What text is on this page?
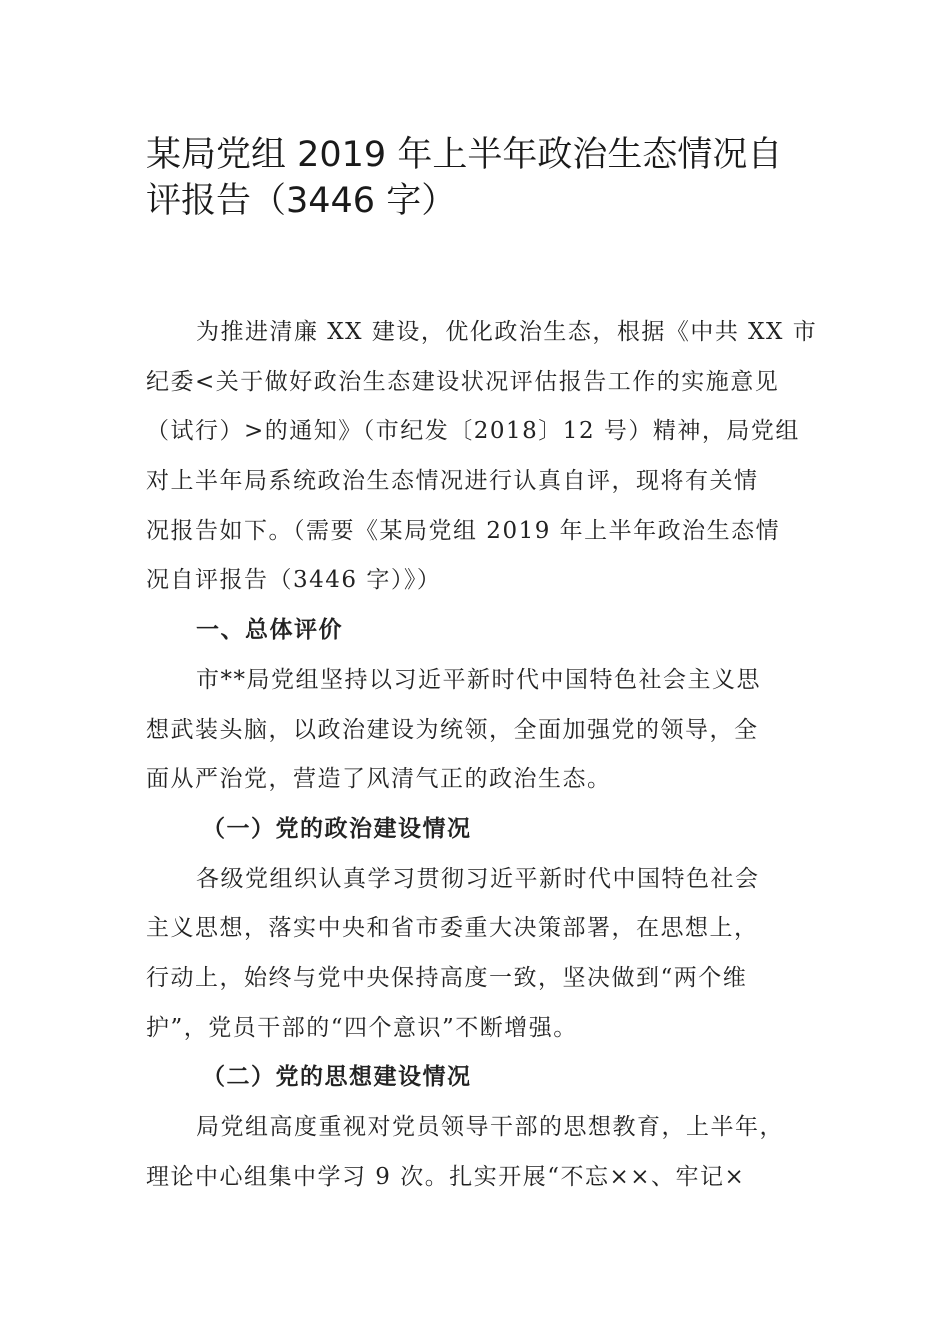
某局党组 2019 年上半年政治生态情况自
评报告（3446 字）
为推进清廉 XX 建设，优化政治生态，根据《中共 XX 市
纪委<关于做好政治生态建设状况评估报告工作的实施意见
（试行）>的通知》（市纪发〔2018〕12 号）精神，局党组
对上半年局系统政治生态情况进行认真自评，现将有关情
况报告如下。（需要《某局党组 2019 年上半年政治生态情
况自评报告（3446 字）》）
一、总体评价
市**局党组坚持以习近平新时代中国特色社会主义思
想武装头脑，以政治建设为统领，全面加强党的领导，全
面从严治党，营造了风清气正的政治生态。
（一）党的政治建设情况
各级党组织认真学习贯彻习近平新时代中国特色社会
主义思想，落实中央和省市委重大决策部署，在思想上，
行动上，始终与党中央保持高度一致，坚决做到“两个维
护”，党员干部的“四个意识”不断增强。
（二）党的思想建设情况
局党组高度重视对党员领导干部的思想教育，上半年，
理论中心组集中学习 9 次。扎实开展“不忘××、牢记×
